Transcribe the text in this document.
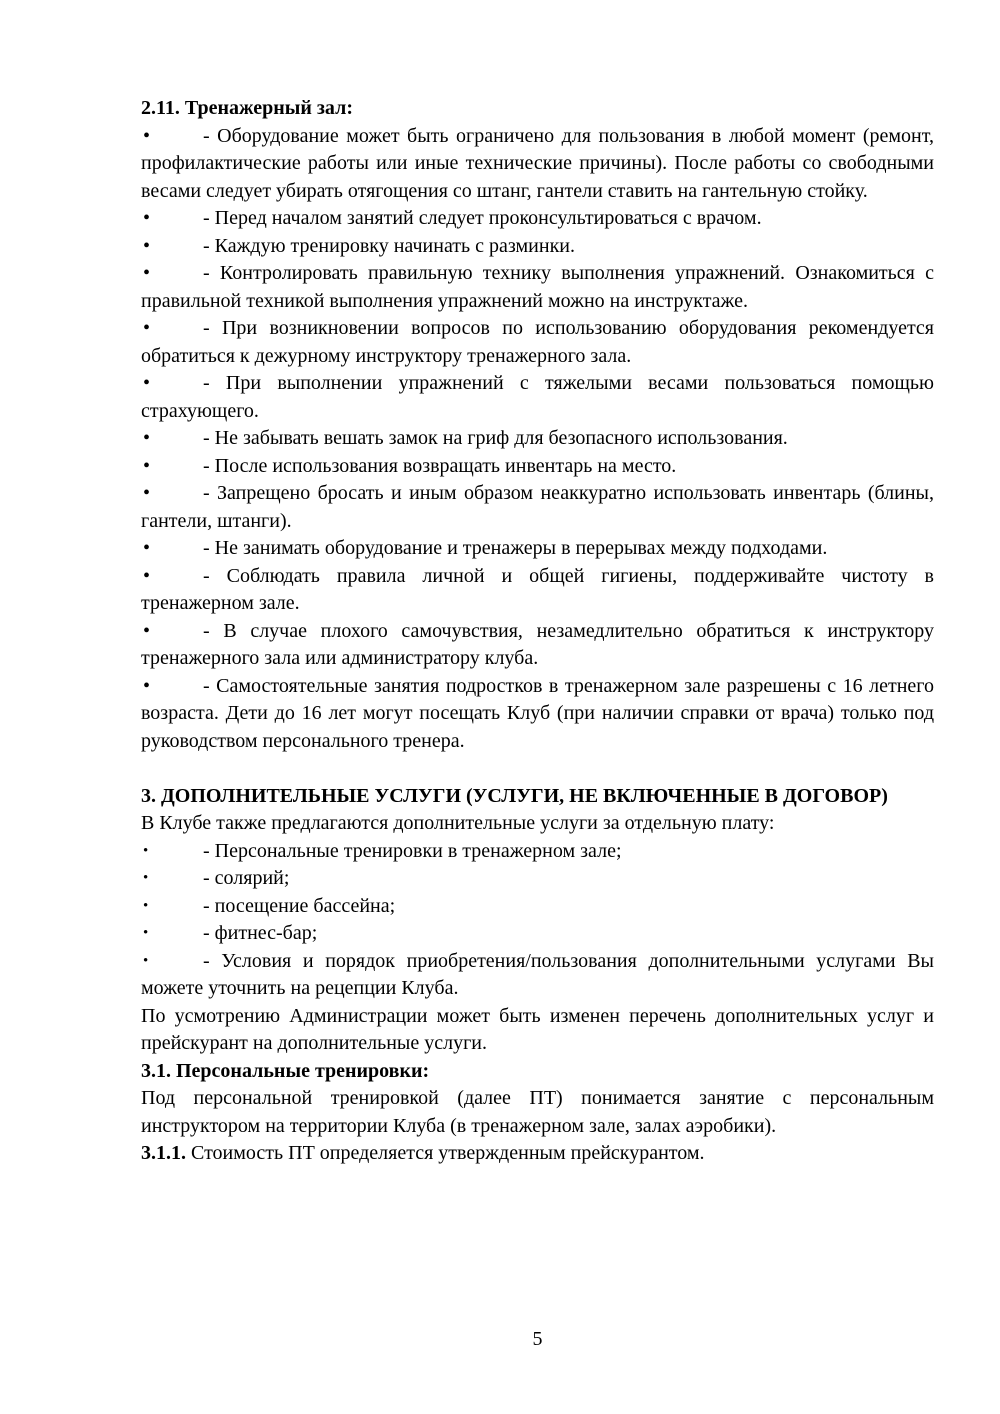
2.11. Тренажерный зал:
•	- Оборудование может быть ограничено для пользования в любой момент (ремонт, профилактические работы или иные технические причины). После работы со свободными весами следует убирать отягощения со штанг, гантели ставить на гантельную стойку.
•	- Перед началом занятий следует проконсультироваться с врачом.
•	- Каждую тренировку начинать с разминки.
•	- Контролировать правильную технику выполнения упражнений. Ознакомиться с правильной техникой выполнения упражнений можно на инструктаже.
•	- При возникновении вопросов по использованию оборудования рекомендуется обратиться к дежурному инструктору тренажерного зала.
•	- При выполнении упражнений с тяжелыми весами пользоваться помощью страхующего.
•	- Не забывать вешать замок на гриф для безопасного использования.
•	- После использования возвращать инвентарь на место.
•	- Запрещено бросать и иным образом неаккуратно использовать инвентарь (блины, гантели, штанги).
•	- Не занимать оборудование и тренажеры в перерывах между подходами.
•	- Соблюдать правила личной и общей гигиены, поддерживайте чистоту в тренажерном зале.
•	- В случае плохого самочувствия, незамедлительно обратиться к инструктору тренажерного зала или администратору клуба.
•	- Самостоятельные занятия подростков в тренажерном зале разрешены с 16 летнего возраста. Дети до 16 лет могут посещать Клуб (при наличии справки от врача) только под руководством персонального тренера.
3. ДОПОЛНИТЕЛЬНЫЕ УСЛУГИ (УСЛУГИ, НЕ ВКЛЮЧЕННЫЕ В ДОГОВОР)

В Клубе также предлагаются дополнительные услуги за отдельную плату:

•	- Персональные тренировки в тренажерном зале;
•	- солярий;
•	- посещение бассейна;
•	- фитнес-бар;
•	- Условия и порядок приобретения/пользования дополнительными услугами Вы можете уточнить на рецепции Клуба.

По усмотрению Администрации может быть изменен перечень дополнительных услуг и прейскурант на дополнительные услуги.

3.1. Персональные тренировки:

Под персональной тренировкой (далее ПТ) понимается занятие с персональным инструктором на территории Клуба (в тренажерном зале, залах аэробики).

3.1.1. Стоимость ПТ определяется утвержденным прейскурантом.

5
